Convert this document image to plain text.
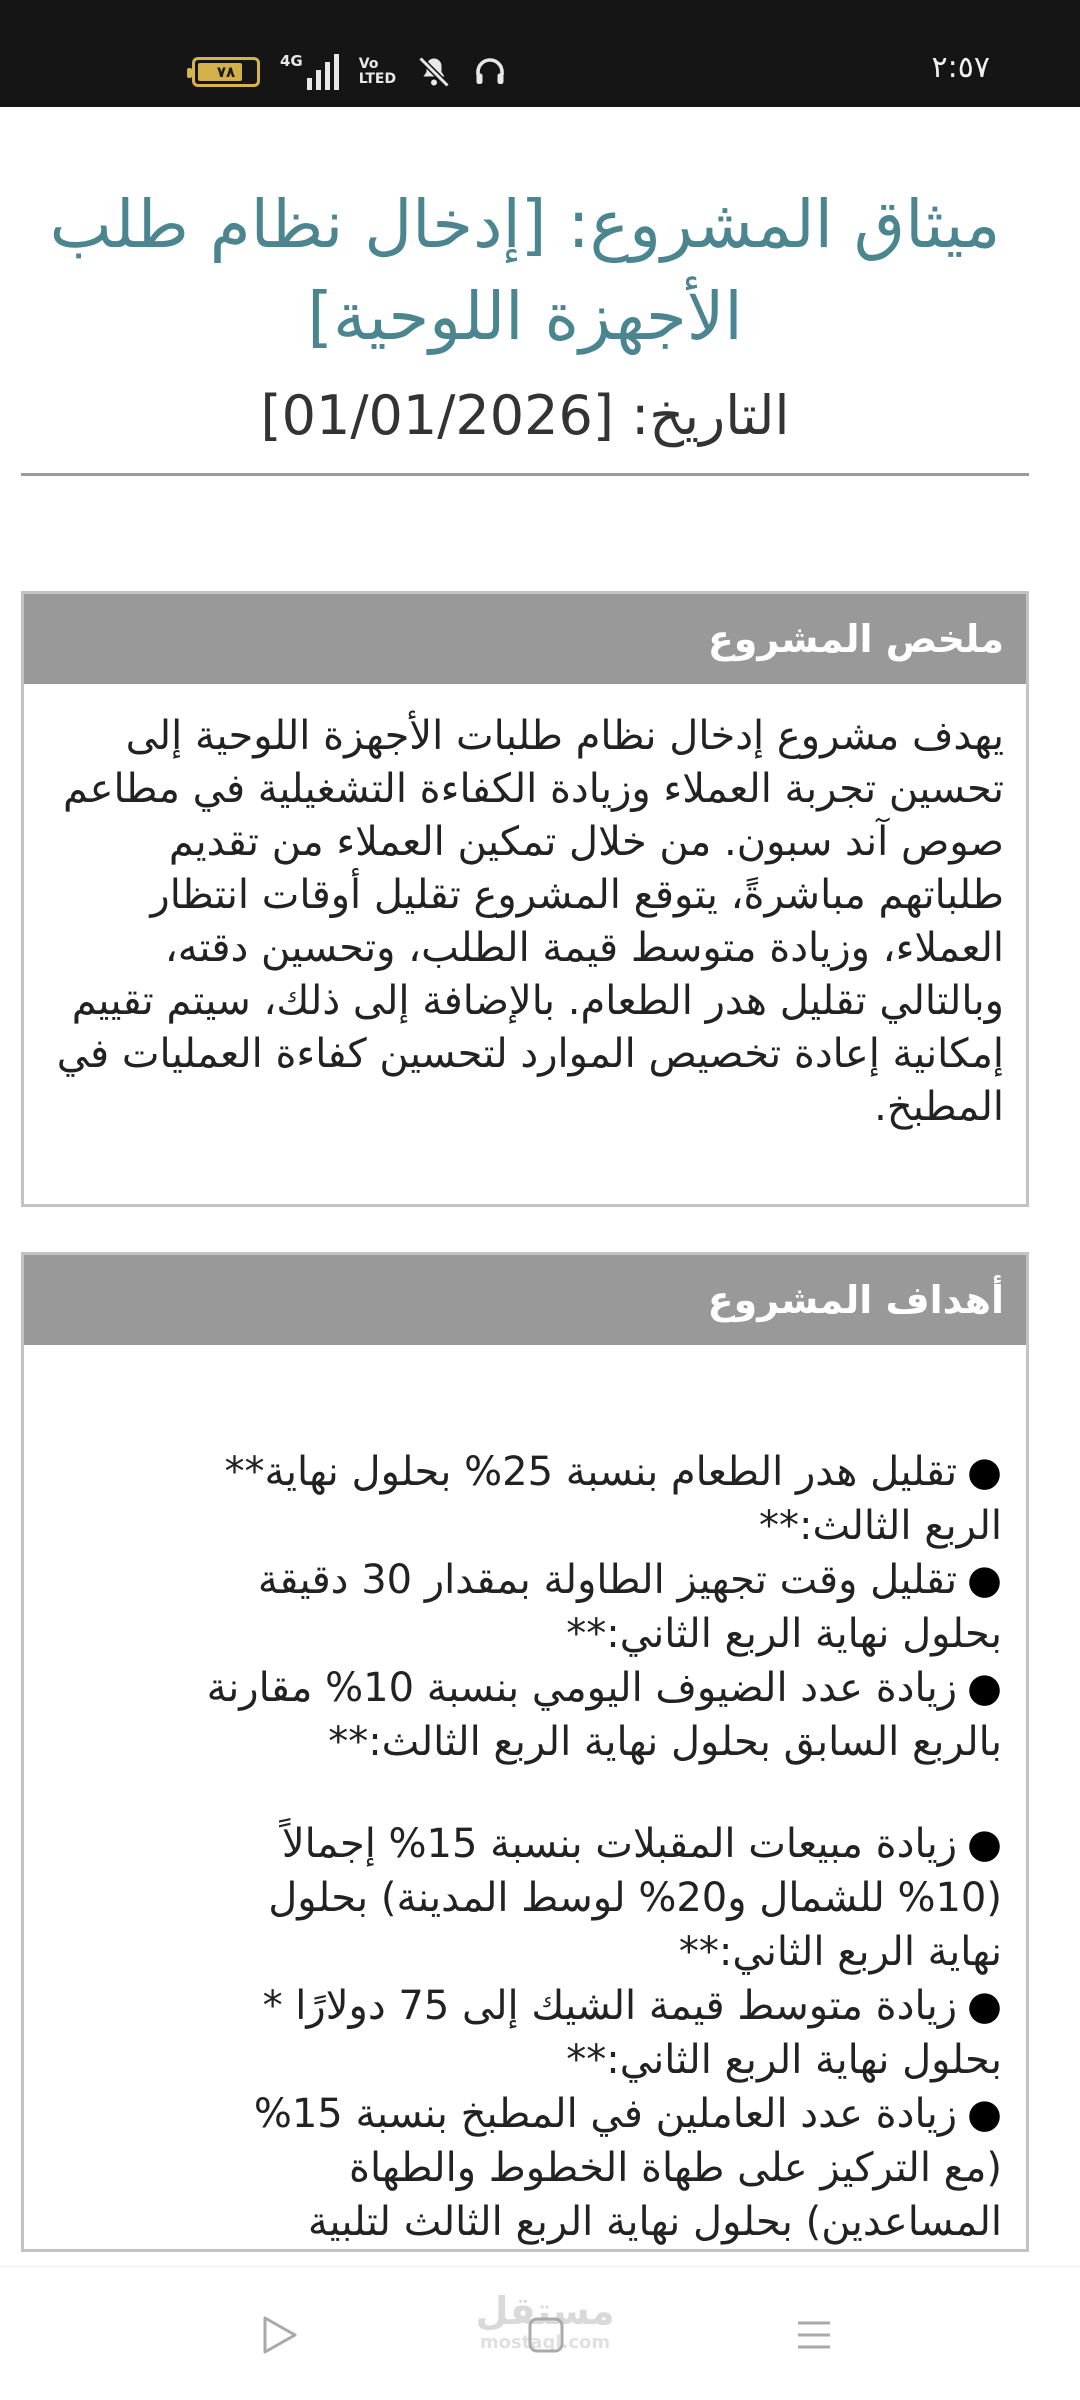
٧٨
4G	Vo
LTED	٢:٥٧
ميثاق المشروع: [إدخال نظام طلب الأجهزة اللوحية]
التاريخ: [01/01/2026]
ملخص المشروع
يهدف مشروع إدخال نظام طلبات الأجهزة اللوحية إلى تحسين تجربة العملاء وزيادة الكفاءة التشغيلية في مطاعم صوص آند سبون. من خلال تمكين العملاء من تقديم طلباتهم مباشرةً، يتوقع المشروع تقليل أوقات انتظار العملاء، وزيادة متوسط قيمة الطلب، وتحسين دقته، وبالتالي تقليل هدر الطعام. بالإضافة إلى ذلك، سيتم تقييم إمكانية إعادة تخصيص الموارد لتحسين كفاءة العمليات في المطبخ.
أهداف المشروع
●تقليل هدر الطعام بنسبة 25% بحلول نهاية** الربع الثالث:**
●تقليل وقت تجهيز الطاولة بمقدار 30 دقيقة بحلول نهاية الربع الثاني:**
●زيادة عدد الضيوف اليومي بنسبة 10% مقارنة بالربع السابق بحلول نهاية الربع الثالث:**
●زيادة مبيعات المقبلات بنسبة 15% إجمالاً (10% للشمال و20% لوسط المدينة) بحلول نهاية الربع الثاني:**
●زيادة متوسط قيمة الشيك إلى 75 دولارًا * بحلول نهاية الربع الثاني:**
●زيادة عدد العاملين في المطبخ بنسبة 15% (مع التركيز على طهاة الخطوط والطهاة المساعدين) بحلول نهاية الربع الثالث لتلبية
مستقل
mostaql.com
